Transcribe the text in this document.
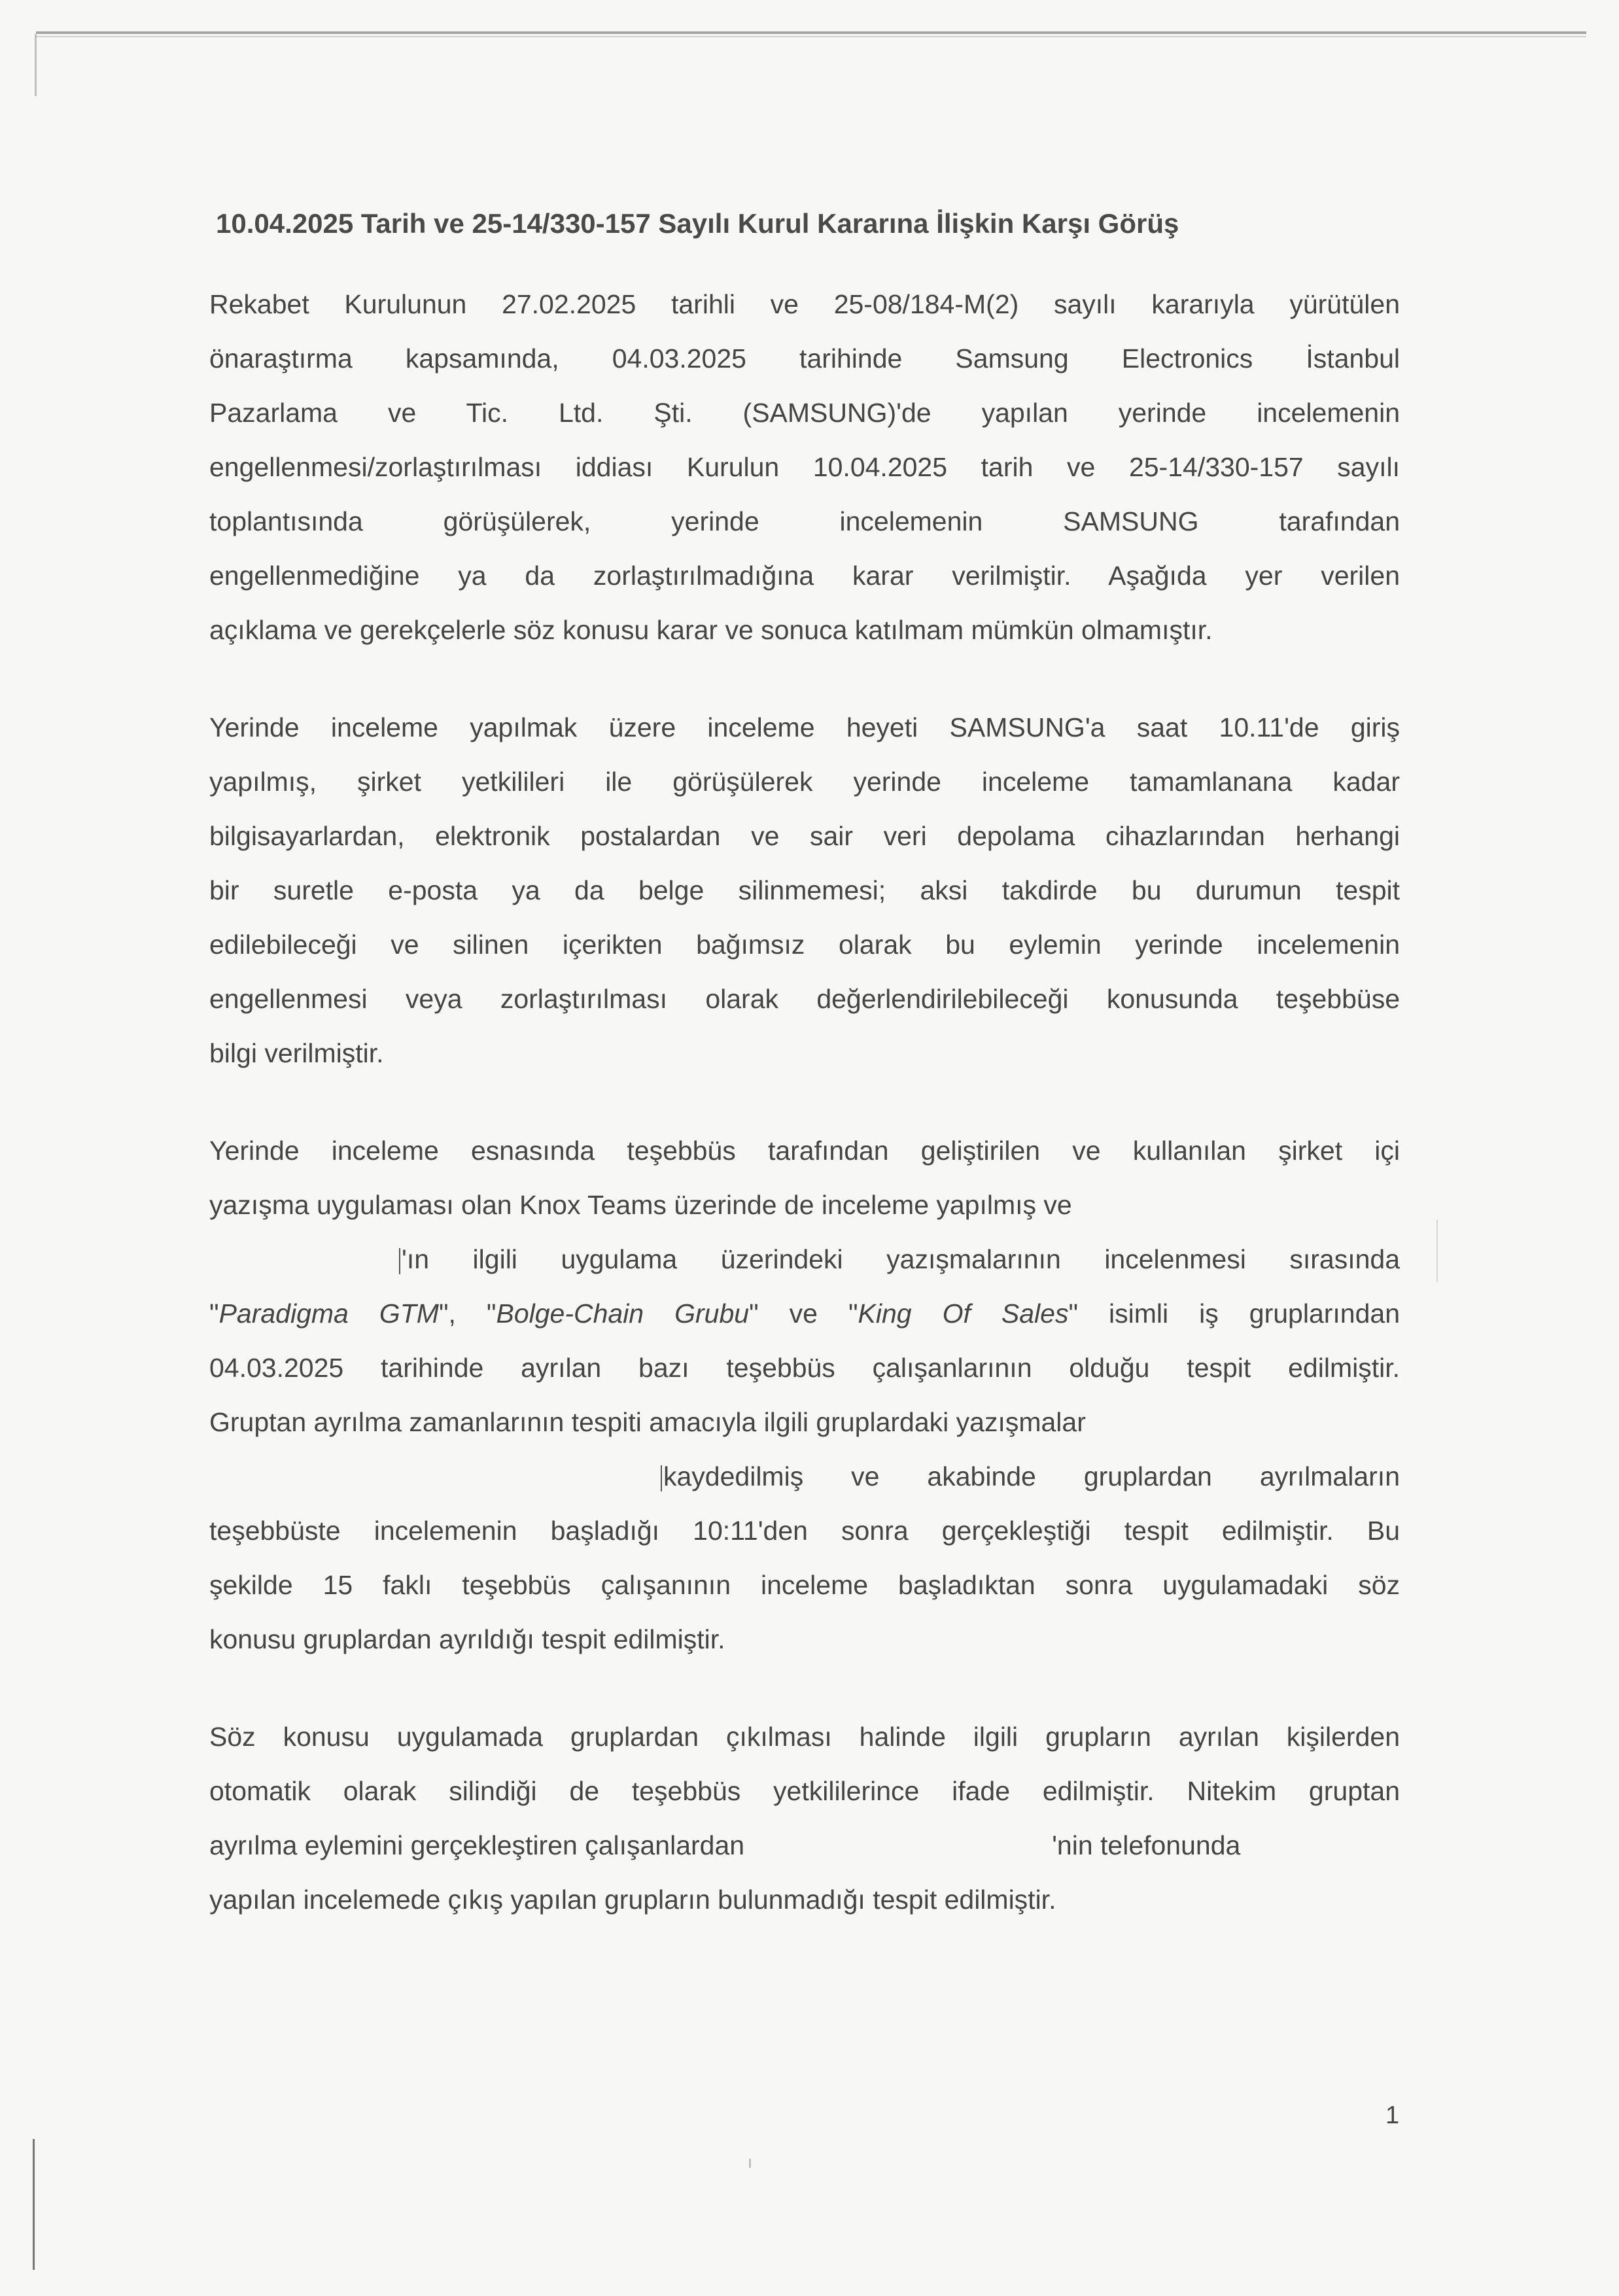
10.04.2025 Tarih ve 25-14/330-157 Sayılı Kurul Kararına İlişkin Karşı Görüş
Rekabet Kurulunun 27.02.2025 tarihli ve 25-08/184-M(2) sayılı kararıyla yürütülen
önaraştırma kapsamında, 04.03.2025 tarihinde Samsung Electronics İstanbul
Pazarlama ve Tic. Ltd. Şti. (SAMSUNG)'de yapılan yerinde incelemenin
engellenmesi/zorlaştırılması iddiası Kurulun 10.04.2025 tarih ve 25-14/330-157 sayılı
toplantısında görüşülerek, yerinde incelemenin SAMSUNG tarafından
engellenmediğine ya da zorlaştırılmadığına karar verilmiştir. Aşağıda yer verilen
açıklama ve gerekçelerle söz konusu karar ve sonuca katılmam mümkün olmamıştır.
Yerinde inceleme yapılmak üzere inceleme heyeti SAMSUNG'a saat 10.11'de giriş
yapılmış, şirket yetkilileri ile görüşülerek yerinde inceleme tamamlanana kadar
bilgisayarlardan, elektronik postalardan ve sair veri depolama cihazlarından herhangi
bir suretle e-posta ya da belge silinmemesi; aksi takdirde bu durumun tespit
edilebileceği ve silinen içerikten bağımsız olarak bu eylemin yerinde incelemenin
engellenmesi veya zorlaştırılması olarak değerlendirilebileceği konusunda teşebbüse
bilgi verilmiştir.
Yerinde inceleme esnasında teşebbüs tarafından geliştirilen ve kullanılan şirket içi
yazışma uygulaması olan Knox Teams üzerinde de inceleme yapılmış ve
'ın ilgili uygulama üzerindeki yazışmalarının incelenmesi sırasında
"Paradigma GTM", "Bolge-Chain Grubu" ve "King Of Sales" isimli iş gruplarından
04.03.2025 tarihinde ayrılan bazı teşebbüs çalışanlarının olduğu tespit edilmiştir.
Gruptan ayrılma zamanlarının tespiti amacıyla ilgili gruplardaki yazışmalar
kaydedilmiş ve akabinde gruplardan ayrılmaların
teşebbüste incelemenin başladığı 10:11'den sonra gerçekleştiği tespit edilmiştir. Bu
şekilde 15 faklı teşebbüs çalışanının inceleme başladıktan sonra uygulamadaki söz
konusu gruplardan ayrıldığı tespit edilmiştir.
Söz konusu uygulamada gruplardan çıkılması halinde ilgili grupların ayrılan kişilerden
otomatik olarak silindiği de teşebbüs yetkililerince ifade edilmiştir. Nitekim gruptan
ayrılma eylemini gerçekleştiren çalışanlardan	'nin telefonunda
yapılan incelemede çıkış yapılan grupların bulunmadığı tespit edilmiştir.
1
